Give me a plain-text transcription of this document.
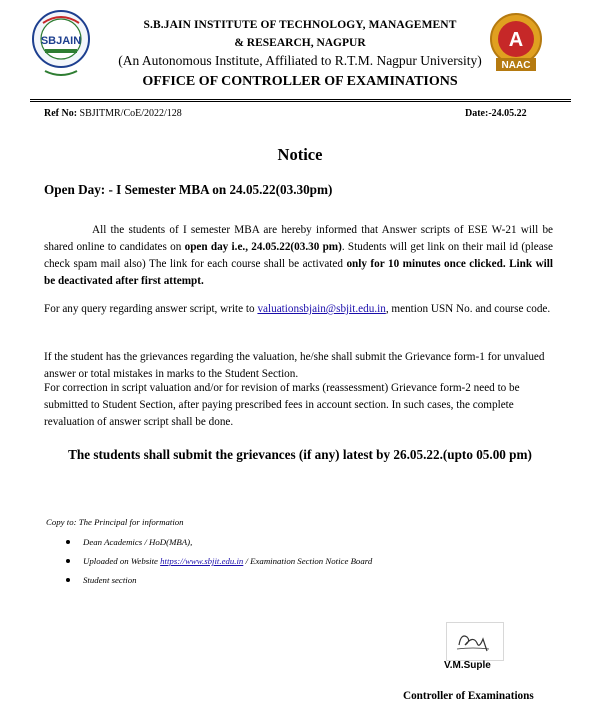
SBJAIN
S.B.JAIN INSTITUTE OF TECHNOLOGY, MANAGEMENT
& RESEARCH, NAGPUR
(An Autonomous Institute, Affiliated to R.T.M. Nagpur University)
OFFICE OF CONTROLLER OF EXAMINATIONS
A
NAAC
Ref No: SBJITMR/CoE/2022/128	Date:-24.05.22
Notice
Open Day: - I Semester MBA on 24.05.22(03.30pm)
All the students of I semester MBA are hereby informed that Answer scripts of ESE W-21 will be shared online to candidates on open day i.e., 24.05.22(03.30 pm). Students will get link on their mail id (please check spam mail also) The link for each course shall be activated only for 10 minutes once clicked. Link will be deactivated after first attempt.
For any query regarding answer script, write to valuationsbjain@sbjit.edu.in, mention USN No. and course code.
If the student has the grievances regarding the valuation, he/she shall submit the Grievance form-1 for unvalued answer or total mistakes in marks to the Student Section.
For correction in script valuation and/or for revision of marks (reassessment) Grievance form-2 need to be submitted to Student Section, after paying prescribed fees in account section. In such cases, the complete revaluation of answer script shall be done.
The students shall submit the grievances (if any) latest by 26.05.22.(upto 05.00 pm)
Copy to: The Principal for information
Dean Academics / HoD(MBA),
Uploaded on Website https://www.sbjit.edu.in / Examination Section Notice Board
Student section
V.M.Suple
Controller of Examinations
